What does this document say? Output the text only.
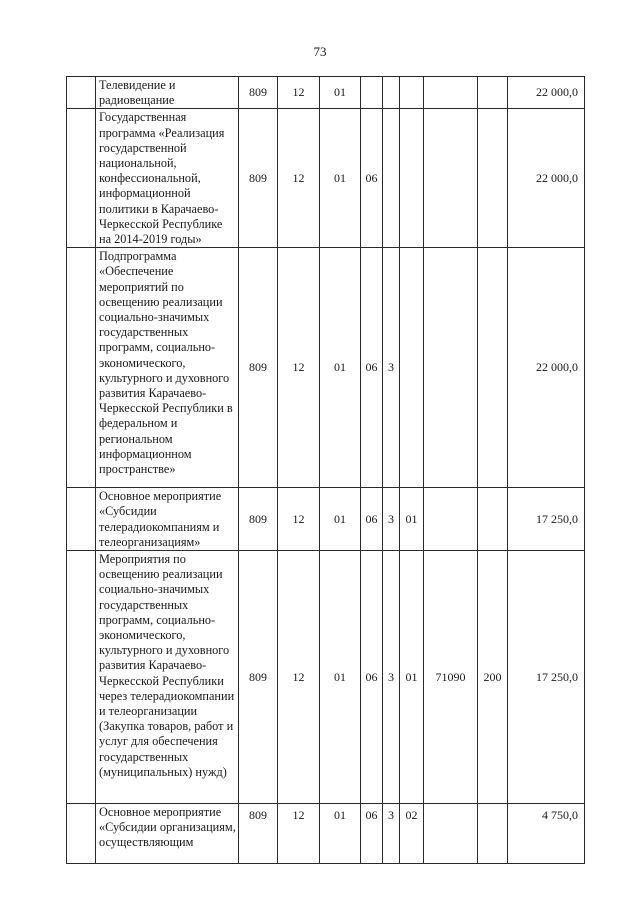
73
	Телевидение и радиовещание	809	12	01						22 000,0
	Государственная программа «Реализация государственной национальной, конфессиональной, информационной политики в Карачаево-Черкесской Республике на 2014-2019 годы»	809	12	01	06					22 000,0
	Подпрограмма «Обеспечение мероприятий по освещению реализации социально-значимых государственных программ, социально-экономического, культурного и духовного развития Карачаево-Черкесской Республики в федеральном и региональном информационном пространстве»	809	12	01	06	3				22 000,0
	Основное мероприятие «Субсидии телерадиокомпаниям и телеорганизациям»	809	12	01	06	3	01			17 250,0
	Мероприятия по освещению реализации социально-значимых государственных программ, социально-экономического, культурного и духовного развития Карачаево-Черкесской Республики через телерадиокомпании и телеорганизации (Закупка товаров, работ и услуг для обеспечения государственных (муниципальных) нужд)	809	12	01	06	3	01	71090	200	17 250,0
	Основное мероприятие «Субсидии организациям, осуществляющим	809	12	01	06	3	02			4 750,0
